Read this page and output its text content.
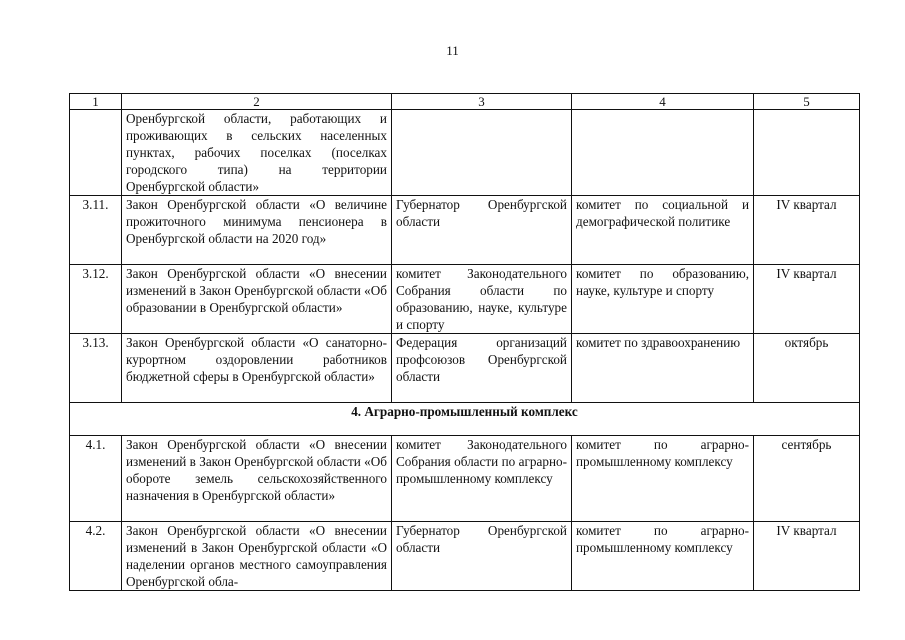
11
1	2	3	4	5
	Оренбургской области, работающих и проживающих в сельских населенных пунктах, рабочих поселках (поселках городского типа) на территории Оренбургской области»			
3.11.	Закон Оренбургской области «О величине прожиточного минимума пенсионера в Оренбургской области на 2020 год»	Губернатор Оренбургской области	комитет по социальной и демографической политике	IV квартал
3.12.	Закон Оренбургской области «О внесении изменений в Закон Оренбургской области «Об образовании в Оренбургской области»	комитет Законодательного Собрания области по образованию, науке, культуре и спорту	комитет по образованию, науке, культуре и спорту	IV квартал
3.13.	Закон Оренбургской области «О санаторно-курортном оздоровлении работников бюджетной сферы в Оренбургской области»	Федерация организаций профсоюзов Оренбургской области	комитет по здравоохранению	октябрь
4. Аграрно-промышленный комплекс				
4.1.	Закон Оренбургской области «О внесении изменений в Закон Оренбургской области «Об обороте земель сельскохозяйственного назначения в Оренбургской области»	комитет Законодательного Собрания области по аграрно-промышленному комплексу	комитет по аграрно-промышленному комплексу	сентябрь
4.2.	Закон Оренбургской области «О внесении изменений в Закон Оренбургской области «О наделении органов местного самоуправления Оренбургской обла-	Губернатор Оренбургской области	комитет по аграрно-промышленному комплексу	IV квартал
